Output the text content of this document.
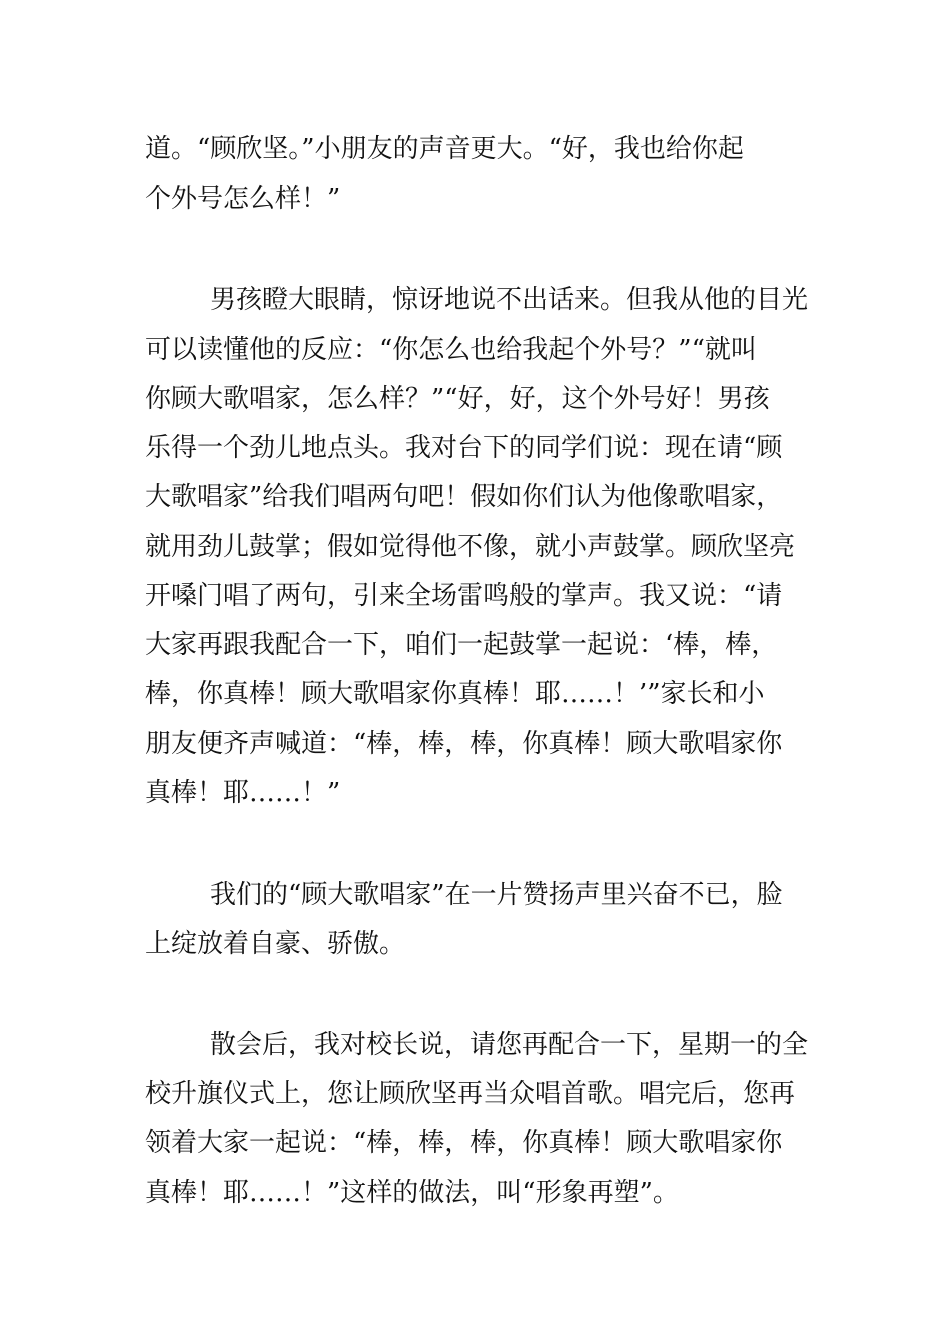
道。“顾欣坚。”小朋友的声音更大。“好，我也给你起
个外号怎么样！”
男孩瞪大眼睛，惊讶地说不出话来。但我从他的目光
可以读懂他的反应：“你怎么也给我起个外号？”“就叫
你顾大歌唱家，怎么样？”“好，好，这个外号好！男孩
乐得一个劲儿地点头。我对台下的同学们说：现在请“顾
大歌唱家”给我们唱两句吧！假如你们认为他像歌唱家，
就用劲儿鼓掌；假如觉得他不像，就小声鼓掌。顾欣坚亮
开嗓门唱了两句，引来全场雷鸣般的掌声。我又说：“请
大家再跟我配合一下，咱们一起鼓掌一起说：‘棒，棒，
棒，你真棒！顾大歌唱家你真棒！耶……！’”家长和小
朋友便齐声喊道：“棒，棒，棒，你真棒！顾大歌唱家你
真棒！耶……！”
我们的“顾大歌唱家”在一片赞扬声里兴奋不已，脸
上绽放着自豪、骄傲。
散会后，我对校长说，请您再配合一下，星期一的全
校升旗仪式上，您让顾欣坚再当众唱首歌。唱完后，您再
领着大家一起说：“棒，棒，棒，你真棒！顾大歌唱家你
真棒！耶……！”这样的做法，叫“形象再塑”。
